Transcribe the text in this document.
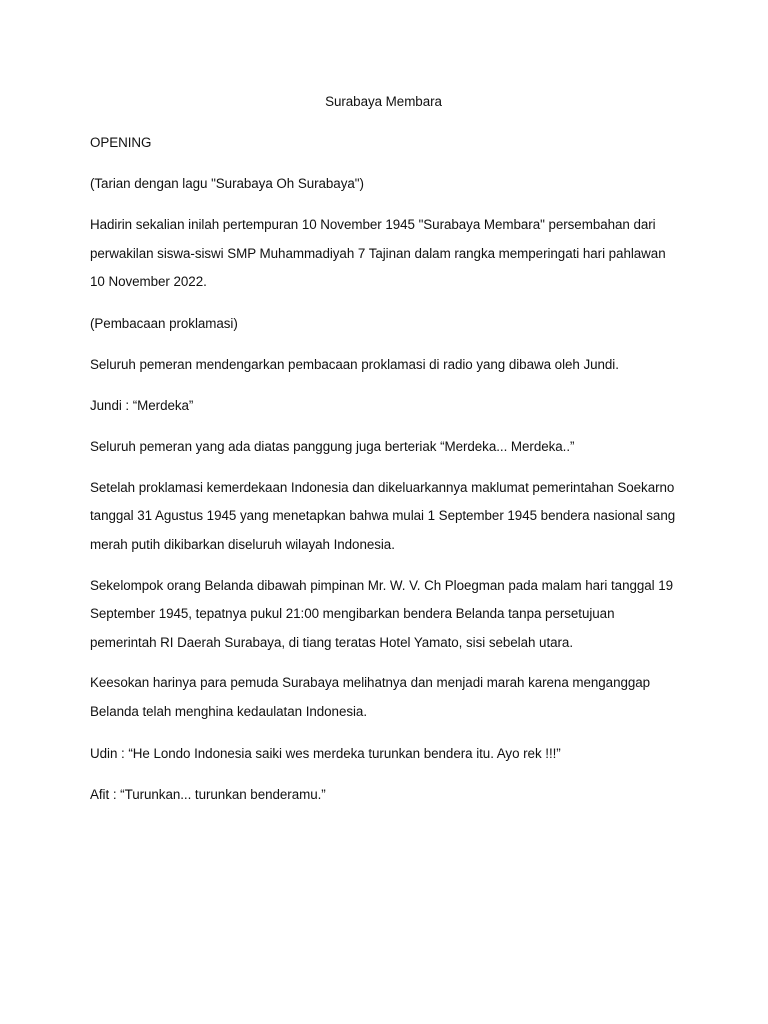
Surabaya Membara

OPENING

(Tarian dengan lagu "Surabaya Oh Surabaya")

Hadirin sekalian inilah pertempuran 10 November 1945 "Surabaya Membara" persembahan dari perwakilan siswa-siswi SMP Muhammadiyah 7 Tajinan dalam rangka memperingati hari pahlawan 10 November 2022.

(Pembacaan proklamasi)

Seluruh pemeran mendengarkan pembacaan proklamasi di radio yang dibawa oleh Jundi.

Jundi : “Merdeka”

Seluruh pemeran yang ada diatas panggung juga berteriak “Merdeka... Merdeka..”

Setelah proklamasi kemerdekaan Indonesia dan dikeluarkannya maklumat pemerintahan Soekarno tanggal 31 Agustus 1945 yang menetapkan bahwa mulai 1 September 1945 bendera nasional sang merah putih dikibarkan diseluruh wilayah Indonesia.

Sekelompok orang Belanda dibawah pimpinan Mr. W. V. Ch Ploegman pada malam hari tanggal 19 September 1945, tepatnya pukul 21:00 mengibarkan bendera Belanda tanpa persetujuan pemerintah RI Daerah Surabaya, di tiang teratas Hotel Yamato, sisi sebelah utara.

Keesokan harinya para pemuda Surabaya melihatnya dan menjadi marah karena menganggap Belanda telah menghina kedaulatan Indonesia.

Udin : “He Londo Indonesia saiki wes merdeka turunkan bendera itu. Ayo rek !!!”

Afit : “Turunkan... turunkan benderamu.”
